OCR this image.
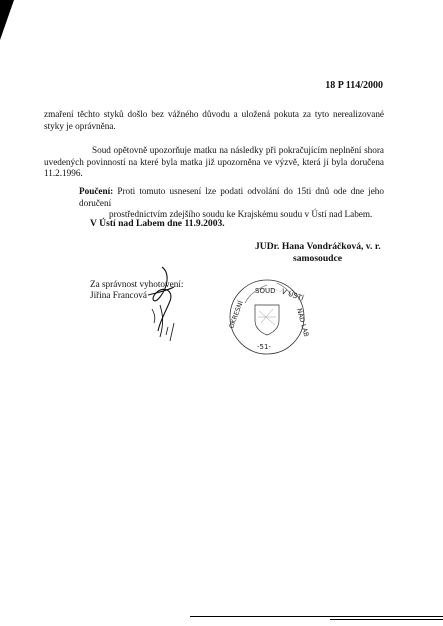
18 P 114/2000
zmaření těchto styků došlo bez vážného důvodu a uložená pokuta za tyto nerealizované styky je oprávněna.
Soud opětovně upozorňuje matku na následky při pokračujícím neplnění shora uvedených povinností na které byla matka již upozorněna ve výzvě, která jí byla doručena 11.2.1996.
Poučení: Proti tomuto usnesení lze podati odvolání do 15ti dnů ode dne jeho doručení
prostřednictvím zdejšího soudu ke Krajskému soudu v Ústí nad Labem.
V Ústí nad Labem dne 11.9.2003.
JUDr. Hana Vondráčková, v. r.
samosoudce
Za správnost vyhotovení:
Jiřina Francová	SOUD V ÚSTÍ
OKRESNÍ	NAD LAB
-51-
